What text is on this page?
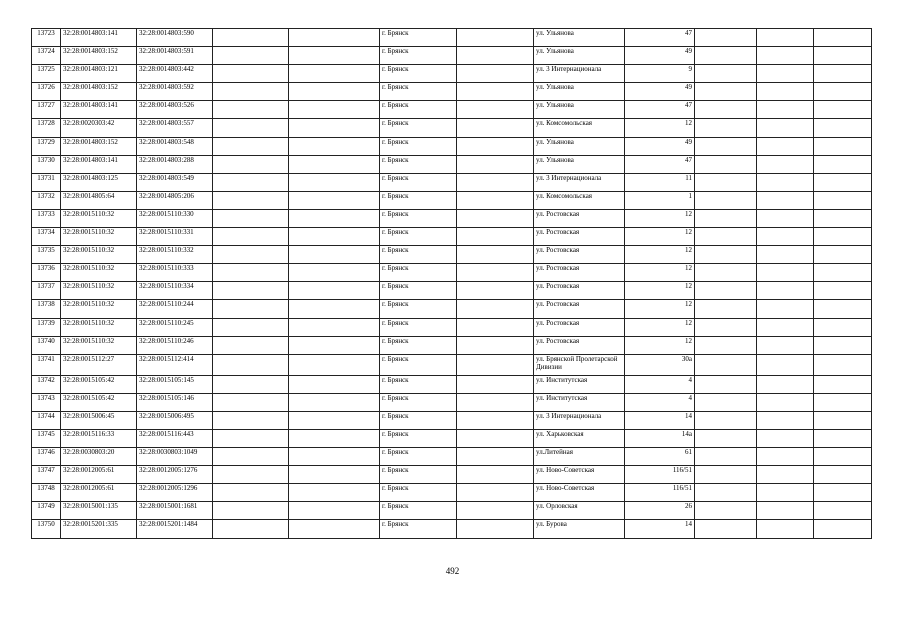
13723	32:28:0014803:141	32:28:0014803:590			г. Брянск		ул. Ульянова	47			
13724	32:28:0014803:152	32:28:0014803:591			г. Брянск		ул. Ульянова	49			
13725	32:28:0014803:121	32:28:0014803:442			г. Брянск		ул. 3 Интернационала	9			
13726	32:28:0014803:152	32:28:0014803:592			г. Брянск		ул. Ульянова	49			
13727	32:28:0014803:141	32:28:0014803:526			г. Брянск		ул. Ульянова	47			
13728	32:28:0020303:42	32:28:0014803:557			г. Брянск		ул. Комсомольская	12			
13729	32:28:0014803:152	32:28:0014803:548			г. Брянск		ул. Ульянова	49			
13730	32:28:0014803:141	32:28:0014803:288			г. Брянск		ул. Ульянова	47			
13731	32:28:0014803:125	32:28:0014803:549			г. Брянск		ул. 3 Интернационала	11			
13732	32:28:0014805:64	32:28:0014805:206			г. Брянск		ул. Комсомольская	1			
13733	32:28:0015110:32	32:28:0015110:330			г. Брянск		ул. Ростовская	12			
13734	32:28:0015110:32	32:28:0015110:331			г. Брянск		ул. Ростовская	12			
13735	32:28:0015110:32	32:28:0015110:332			г. Брянск		ул. Ростовская	12			
13736	32:28:0015110:32	32:28:0015110:333			г. Брянск		ул. Ростовская	12			
13737	32:28:0015110:32	32:28:0015110:334			г. Брянск		ул. Ростовская	12			
13738	32:28:0015110:32	32:28:0015110:244			г. Брянск		ул. Ростовская	12			
13739	32:28:0015110:32	32:28:0015110:245			г. Брянск		ул. Ростовская	12			
13740	32:28:0015110:32	32:28:0015110:246			г. Брянск		ул. Ростовская	12			
13741	32:28:0015112:27	32:28:0015112:414			г. Брянск		ул. Брянской Пролетарской Дивизии	30а			
13742	32:28:0015105:42	32:28:0015105:145			г. Брянск		ул. Институтская	4			
13743	32:28:0015105:42	32:28:0015105:146			г. Брянск		ул. Институтская	4			
13744	32:28:0015006:45	32:28:0015006:495			г. Брянск		ул. 3 Интернационала	14			
13745	32:28:0015116:33	32:28:0015116:443			г. Брянск		ул. Харьковская	14а			
13746	32:28:0030803:20	32:28:0030803:1049			г. Брянск		ул.Литейная	61			
13747	32:28:0012005:61	32:28:0012005:1276			г. Брянск		ул. Ново-Советская	116/51			
13748	32:28:0012005:61	32:28:0012005:1296			г. Брянск		ул. Ново-Советская	116/51			
13749	32:28:0015001:135	32:28:0015001:1681			г. Брянск		ул. Орловская	26			
13750	32:28:0015201:335	32:28:0015201:1484			г. Брянск		ул. Бурова	14			
492
